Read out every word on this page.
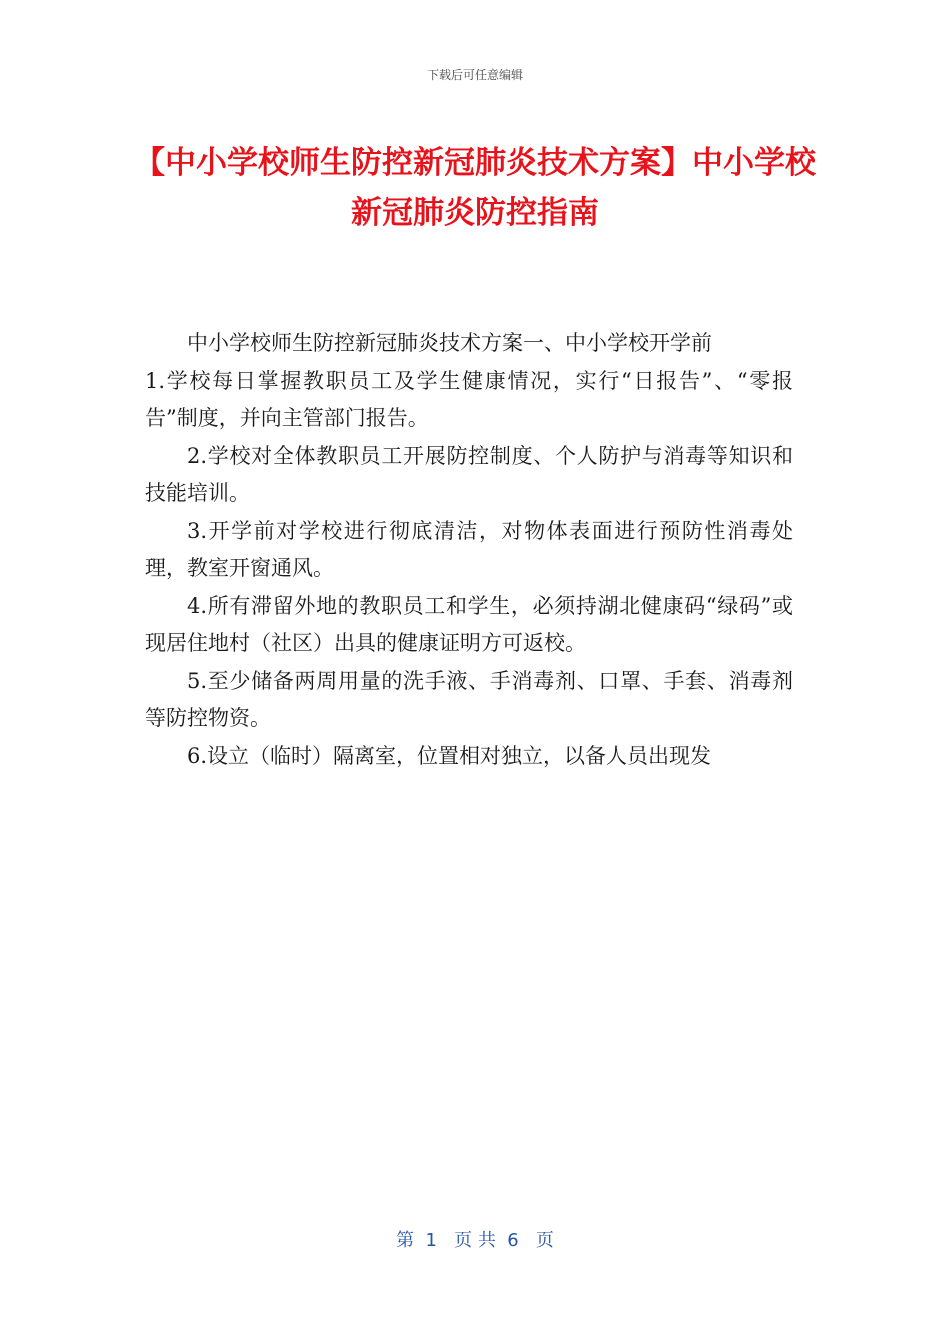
下载后可任意编辑
【中小学校师生防控新冠肺炎技术方案】中小学校新冠肺炎防控指南

中小学校师生防控新冠肺炎技术方案一、中小学校开学前

1.学校每日掌握教职员工及学生健康情况，实行“日报告”、“零报告”制度，并向主管部门报告。

2.学校对全体教职员工开展防控制度、个人防护与消毒等知识和技能培训。

3.开学前对学校进行彻底清洁，对物体表面进行预防性消毒处理，教室开窗通风。

4.所有滞留外地的教职员工和学生，必须持湖北健康码“绿码”或现居住地村（社区）出具的健康证明方可返校。

5.至少储备两周用量的洗手液、手消毒剂、口罩、手套、消毒剂等防控物资。

6.设立（临时）隔离室，位置相对独立，以备人员出现发

第  1   页 共  6   页
